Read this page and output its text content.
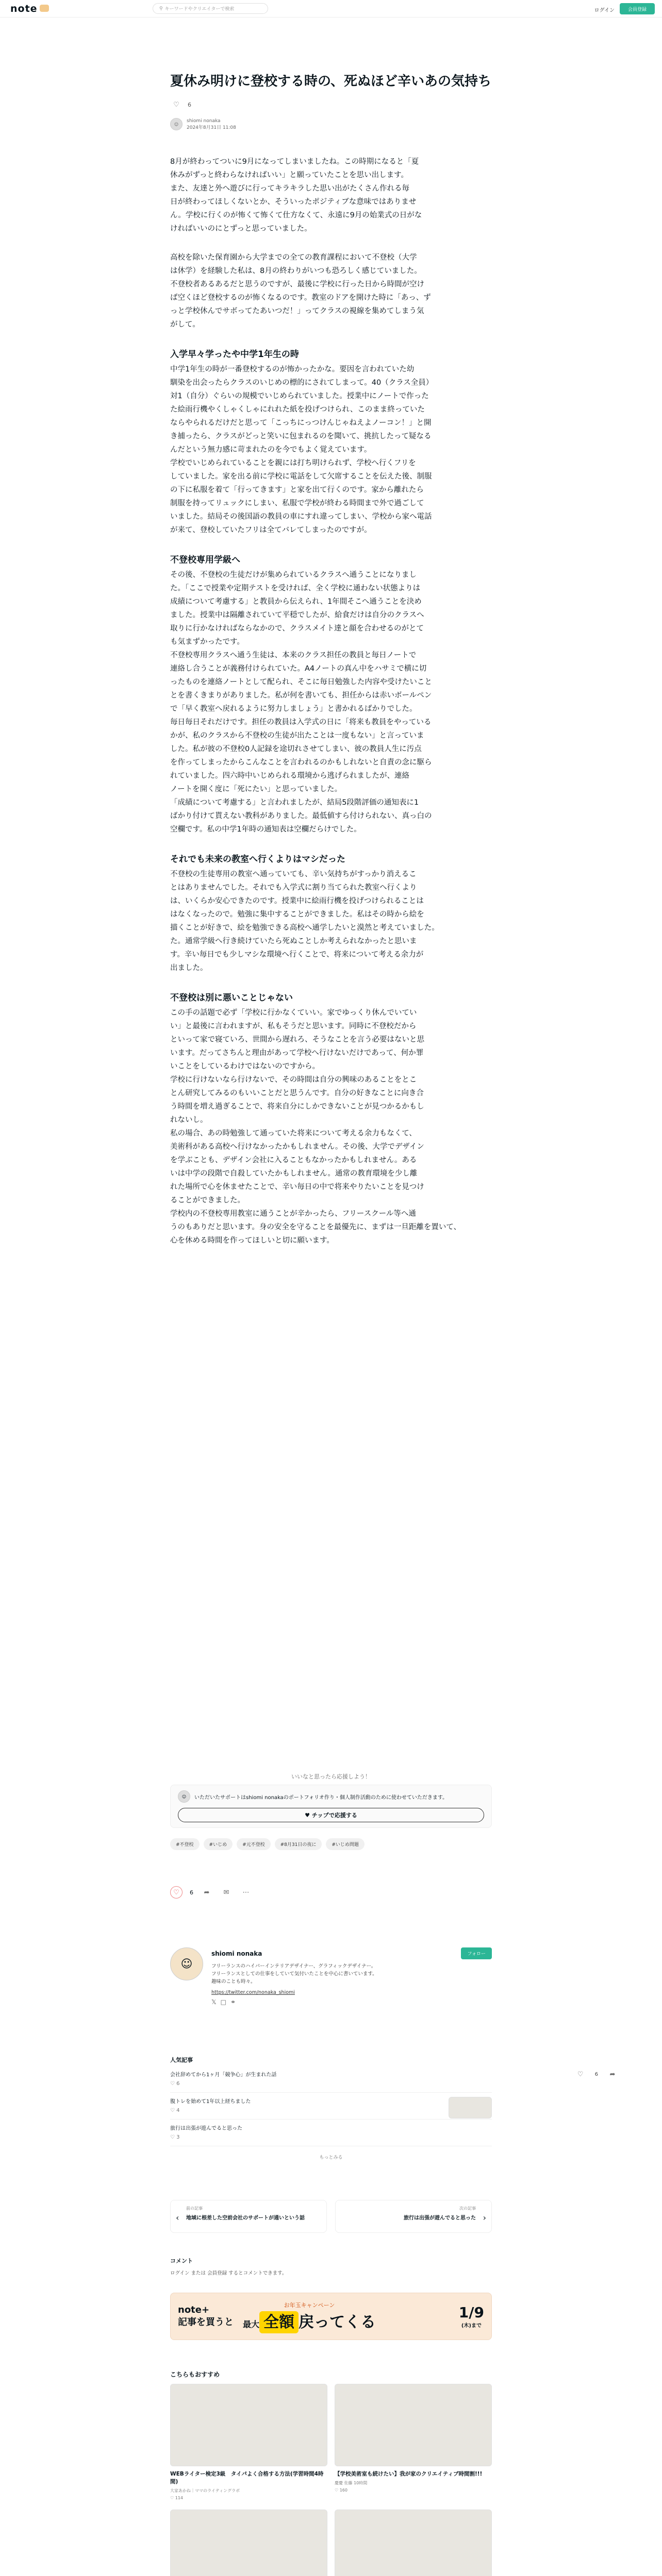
note	⚲ キーワードやクリエイターで検索	ログイン	会員登録
夏休み明けに登校する時の、死ぬほど辛いあの気持ち
♡	6
☺
shiomi nonaka
2024年8月31日 11:08

8月が終わってついに9月になってしまいましたね。この時期になると「夏
休みがずっと終わらなければいい」と願っていたことを思い出します。
また、友達と外へ遊びに行ってキラキラした思い出がたくさん作れる毎
日が終わってほしくないとか、そういったポジティブな意味ではありませ
ん。学校に行くのが怖くて怖くて仕方なくて、永遠に9月の始業式の日がな
ければいいのにとずっと思っていました。

高校を除いた保育園から大学までの全ての教育課程において不登校（大学
は休学）を経験した私は、8月の終わりがいつも恐ろしく感じていました。
不登校者あるあるだと思うのですが、最後に学校に行った日から時間が空け
ば空くほど登校するのが怖くなるのです。教室のドアを開けた時に「あっ、ず
っと学校休んでサボってたあいつだ！」ってクラスの視線を集めてしまう気
がして。

入学早々学ったや中学1年生の時

中学1年生の時が一番登校するのが怖かったかな。要因を言われていた幼
馴染を出会ったらクラスのいじめの標的にされてしまって。40（クラス全員）
対1（自分）ぐらいの規模でいじめられていました。授業中にノートで作った
た絵雨行機やくしゃくしゃにれれた紙を投げつけられ、このまま終っていた
ならやられるだけだと思って「こっちにっつけんじゃねえよノーコン！」と開
き捕ったら、クラスがどっと笑いに包まれるのを聞いて、挑抗したって疑なる
んだという無力感に苛まれたのを今でもよく覚えています。
学校でいじめられていることを親には打ち明けられず、学校へ行くフリを
していました。家を出る前に学校に電話をして欠席することを伝えた後、制服
の下に私服を着て「行ってきます」と家を出て行くのです。家から離れたら
制服を持ってリュックにしまい、私服で学校が終わる時間まで外で過ごして
いました。結局その後国語の教員の車にすれ違ってしまい、学校から家へ電話
が来て、登校していたフリは全てバレてしまったのですが。

不登校専用学級へ

その後、不登校の生徒だけが集められているクラスへ通うことになりまし
た。「ここで授業や定期テストを受ければ、全く学校に通わない状態よりは
成績について考慮する」と教員から伝えられ、1年間そこへ通うことを決め
ました。授業中は隔離されていて平穏でしたが、給食だけは自分のクラスへ
取りに行かなければならなかので、クラスメイト達と顔を合わせるのがとて
も気まずかったです。
不登校専用クラスへ通う生徒は、本来のクラス担任の教員と毎日ノートで
連絡し合うことが義務付けられていた。A4ノートの真ん中をハサミで横に切
ったものを連絡ノートとして配られ、そこに毎日勉強した内容や受けたいこと
とを書くきまりがありました。私が何を書いても、担任からは赤いボールペン
で「早く教室へ戻れるように努力しましょう」と書かれるばかりでした。
毎日毎日それだけです。担任の教員は入学式の日に「将来も教員をやっている
かが、私のクラスから不登校の生徒が出たことは一度もない」と言っていま
した。私が彼の不登校0人記録を途切れさせてしまい、彼の教員人生に汚点
を作ってしまったからこんなことを言われるのかもしれないと自責の念に駆ら
れていました。四六時中いじめられる環境から逃げられましたが、連絡
ノートを開く度に「死にたい」と思っていました。
「成績について考慮する」と言われましたが、結局5段階評価の通知表に1
ばかり付けて貰えない教科がありました。最低値すら付けられない、真っ白の
空欄です。私の中学1年時の通知表は空欄だらけでした。

それでも未来の教室へ行くよりはマシだった

不登校の生徒専用の教室へ通っていても、辛い気持ちがすっかり消えるこ
とはありませんでした。それでも入学式に割り当てられた教室へ行くより
は、いくらか安心できたのです。授業中に絵雨行機を投げつけられることは
はなくなったので。勉強に集中することができました。私はその時から絵を
描くことが好きで、絵を勉強できる高校へ通学したいと漠然と考えていました。
た。通常学級へ行き続けていたら死ぬことしか考えられなかったと思いま
す。辛い毎日でも少しマシな環境へ行くことで、将来について考える余力が
出ました。

不登校は別に悪いことじゃない

この手の話題で必ず「学校に行かなくていい。家でゆっくり休んでいてい
い」と最後に言われますが、私もそうだと思います。同時に不登校だから
といって家で寝ていろ、世間から遅れろ、そうなことを言う必要はないと思
います。だってさちんと理由があって学校へ行けないだけであって、何か罪
いことをしているわけではないのですから。
学校に行けないなら行けないで、その時間は自分の興味のあることをとこ
とん研究してみるのもいいことだと思うんです。自分の好きなことに向き合
う時間を増え過ぎることで、将来自分にしかできないことが見つかるかもし
れないし。
私の場合、あの時勉強して通っていた将来について考える余力もなくて、
美術科がある高校へ行けなかったかもしれません。その後、大学でデザイン
を学ぶことも、デザイン会社に入ることもなかったかもしれません。ある
いは中学の段階で自殺していたかもしれません。通常の教育環境を少し離
れた場所で心を休ませたことで、辛い毎日の中で将来やりたいことを見つけ
ることができました。
学校内の不登校専用教室に通うことが辛かったら、フリースクール等へ通
うのもありだと思います。身の安全を守ることを最優先に、まずは一旦距離を置いて、
心を休める時間を作ってほしいと切に願います。

いいなと思ったら応援しよう！
☺	いただいたサポートはshiomi nonakaのポートフォリオ作り・個人制作活動のために使わせていただきます。
♥ チップで応援する
#不登校	#いじめ	#元不登校	#8月31日の夜に	#いじめ問題
♡	6	➦	✉	⋯
♡	6	➦
☺
shiomi nonaka	フォロー
フリーランスのハイパーインテリアデザイナー、グラフィックデザイナー。
フリーランスとしての仕事をしていて気付いたことを中心に書いています。
趣味のことも時々。
https://twitter.com/nonaka_shiomi
𝕏 □ ⚭
人気記事
会社辞めてから1ヶ月「競争心」が生まれた話
♡ 6
腹トレを始めて1年以上経ちました
♡ 4
旅行は出張が遊んでると思った
♡ 3
もっとみる
‹
前の記事
地域に根差した空前会社のサポートが通いという話	›
次の記事
旅行は出張が遊んでると思った
コメント
ログイン または 会員登録 するとコメントできます。
note+
記事を買うと
お年玉キャンペーン
最大 全額 戻ってくる
1/9
(木)まで
こちらもおすすめ
WEBライター検定3級　タイパよく合格する方法(学習時間4時間)
大家あかね｜ママのライティングラボ
♡ 114
【学校美術室も続けたい】我が家のクリエイティブ時間割!!!
慶慶 佐藤 10時間
♡ 160
